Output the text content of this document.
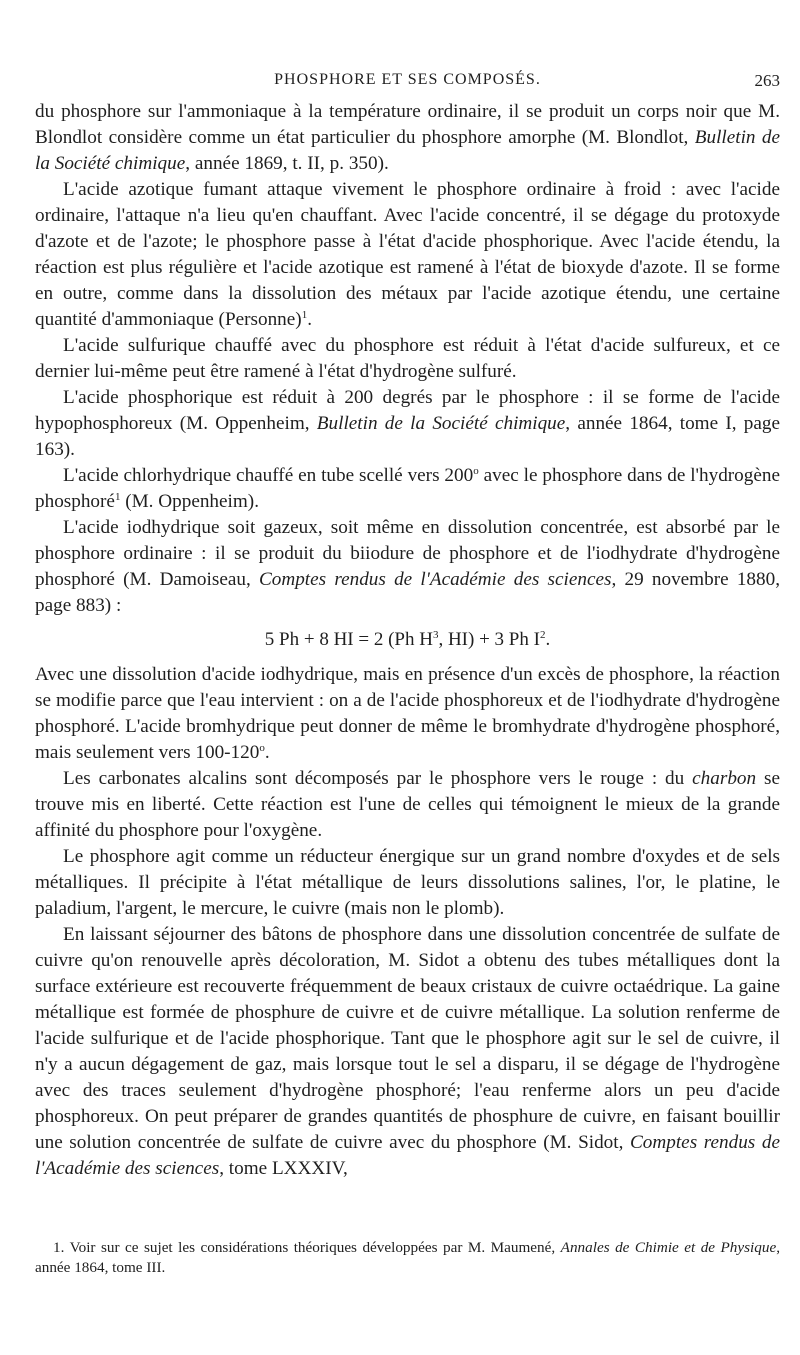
PHOSPHORE ET SES COMPOSÉS.	263

du phosphore sur l'ammoniaque à la température ordinaire, il se produit un corps noir que M. Blondlot considère comme un état particulier du phosphore amorphe (M. Blondlot, Bulletin de la Société chimique, année 1869, t. II, p. 350).

L'acide azotique fumant attaque vivement le phosphore ordinaire à froid : avec l'acide ordinaire, l'attaque n'a lieu qu'en chauffant. Avec l'acide concentré, il se dégage du protoxyde d'azote et de l'azote; le phosphore passe à l'état d'acide phosphorique. Avec l'acide étendu, la réaction est plus régulière et l'acide azotique est ramené à l'état de bioxyde d'azote. Il se forme en outre, comme dans la dissolution des métaux par l'acide azotique étendu, une certaine quantité d'ammoniaque (Personne)$^1$.

L'acide sulfurique chauffé avec du phosphore est réduit à l'état d'acide sulfureux, et ce dernier lui-même peut être ramené à l'état d'hydrogène sulfuré.

L'acide phosphorique est réduit à 200 degrés par le phosphore : il se forme de l'acide hypophosphoreux (M. Oppenheim, Bulletin de la Société chimique, année 1864, tome I, page 163).

L'acide chlorhydrique chauffé en tube scellé vers 200$^o$ avec le phosphore dans de l'hydrogène phosphoré$^1$ (M. Oppenheim).

L'acide iodhydrique soit gazeux, soit même en dissolution concentrée, est absorbé par le phosphore ordinaire : il se produit du biiodure de phosphore et de l'iodhydrate d'hydrogène phosphoré (M. Damoiseau, Comptes rendus de l'Académie des sciences, 29 novembre 1880, page 883) :

5 Ph + 8 HI = 2 (Ph $H^3$, HI) + 3 Ph $I^2$.

Avec une dissolution d'acide iodhydrique, mais en présence d'un excès de phosphore, la réaction se modifie parce que l'eau intervient : on a de l'acide phosphoreux et de l'iodhydrate d'hydrogène phosphoré. L'acide bromhydrique peut donner de même le bromhydrate d'hydrogène phosphoré, mais seulement vers 100-120$^o$.

Les carbonates alcalins sont décomposés par le phosphore vers le rouge : du charbon se trouve mis en liberté. Cette réaction est l'une de celles qui témoignent le mieux de la grande affinité du phosphore pour l'oxygène.

Le phosphore agit comme un réducteur énergique sur un grand nombre d'oxydes et de sels métalliques. Il précipite à l'état métallique de leurs dissolutions salines, l'or, le platine, le paladium, l'argent, le mercure, le cuivre (mais non le plomb).

En laissant séjourner des bâtons de phosphore dans une dissolution concentrée de sulfate de cuivre qu'on renouvelle après décoloration, M. Sidot a obtenu des tubes métalliques dont la surface extérieure est recouverte fréquemment de beaux cristaux de cuivre octaédrique. La gaine métallique est formée de phosphure de cuivre et de cuivre métallique. La solution renferme de l'acide sulfurique et de l'acide phosphorique. Tant que le phosphore agit sur le sel de cuivre, il n'y a aucun dégagement de gaz, mais lorsque tout le sel a disparu, il se dégage de l'hydrogène avec des traces seulement d'hydrogène phosphoré; l'eau renferme alors un peu d'acide phosphoreux. On peut préparer de grandes quantités de phosphure de cuivre, en faisant bouillir une solution concentrée de sulfate de cuivre avec du phosphore (M. Sidot, Comptes rendus de l'Académie des sciences, tome LXXXIV,

1. Voir sur ce sujet les considérations théoriques développées par M. Maumené, Annales de Chimie et de Physique, année 1864, tome III.
